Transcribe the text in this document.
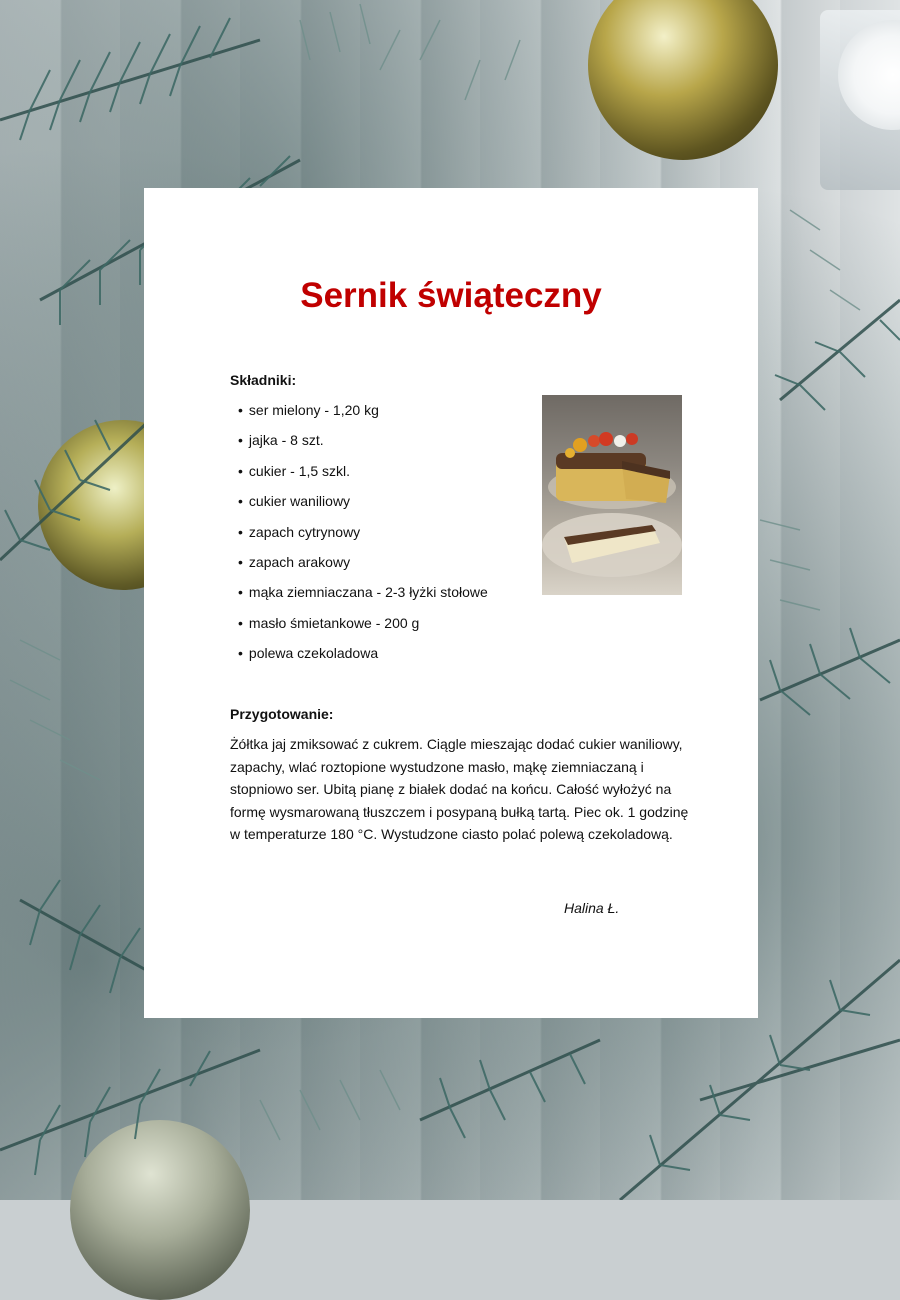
Sernik świąteczny

Składniki:

• ser mielony - 1,20 kg
• jajka - 8 szt.
• cukier - 1,5 szkl.
• cukier waniliowy
• zapach cytrynowy
• zapach arakowy
• mąka ziemniaczana - 2-3 łyżki stołowe
• masło śmietankowe - 200 g
• polewa czekoladowa

Przygotowanie:

Żółtka jaj zmiksować z cukrem. Ciągle mieszając dodać cukier waniliowy, zapachy, wlać roztopione wystudzone masło, mąkę ziemniaczaną i stopniowo ser. Ubitą pianę z białek dodać na końcu. Całość wyłożyć na formę wysmarowaną tłuszczem i posypaną bułką tartą. Piec ok. 1 godzinę w temperaturze 180 °C. Wystudzone ciasto polać polewą czekoladową.

Halina Ł.
